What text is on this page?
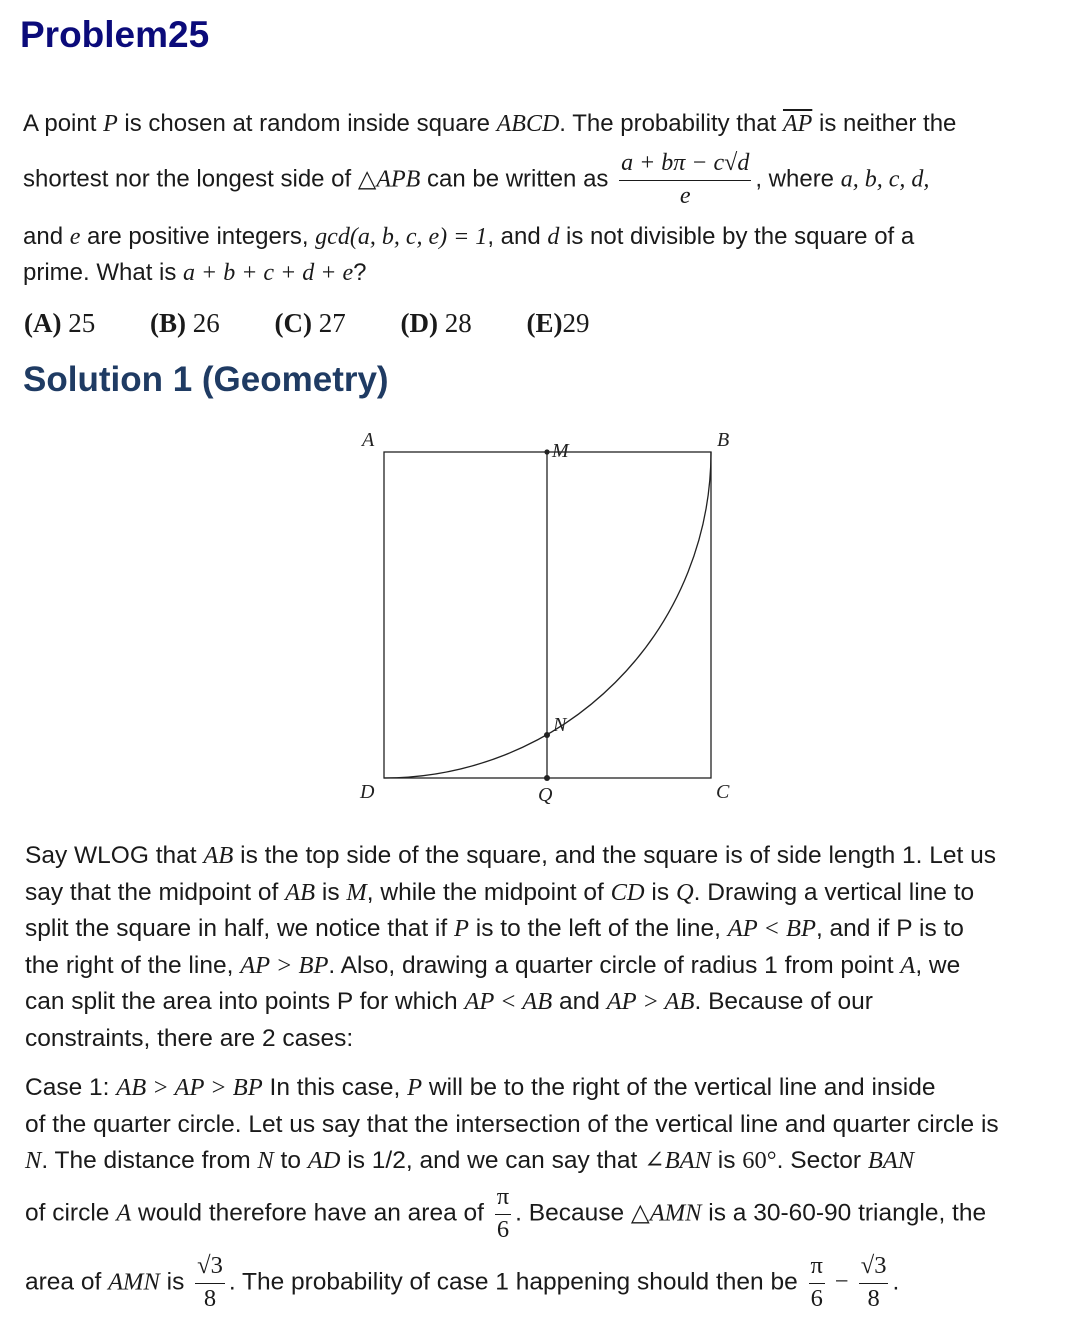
Problem25
A point P is chosen at random inside square ABCD. The probability that $\overline{AP}$ is neither the
shortest nor the longest side of △APB can be written as $\frac{a + b\pi - c√d}{e}$ , where a, b, c, d,
and e are positive integers, gcd(a, b, c, e) = 1, and d is not divisible by the square of a
prime. What is a + b + c + d + e?
(A) 25 (B) 26 (C) 27 (D) 28 (E)29
Solution 1 (Geometry)
A	B
M
N
D	Q	C
Say WLOG that AB is the top side of the square, and the square is of side length 1. Let us
say that the midpoint of AB is M, while the midpoint of CD is Q. Drawing a vertical line to
split the square in half, we notice that if P is to the left of the line, AP < BP, and if P is to
the right of the line, AP > BP. Also, drawing a quarter circle of radius 1 from point A, we
can split the area into points P for which AP < AB and AP > AB. Because of our
constraints, there are 2 cases:
Case 1: AB > AP > BP In this case, P will be to the right of the vertical line and inside
of the quarter circle. Let us say that the intersection of the vertical line and quarter circle is
N. The distance from N to AD is 1/2, and we can say that ∠BAN is 60°. Sector BAN
of circle A would therefore have an area of $\frac{\pi}{6}$ . Because △AMN is a 30-60-90 triangle, the
area of AMN is $\frac{√3}{8}$ . The probability of case 1 happening should then be $\frac{\pi}{6} - \frac{√3}{8}$ .
